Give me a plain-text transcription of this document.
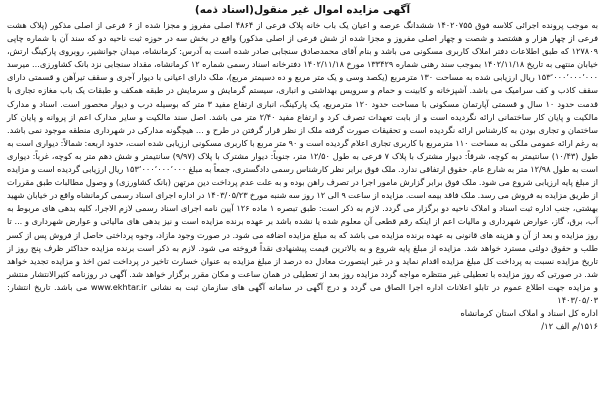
آگهی مزایده اموال غیر منقول(اسناد ذمه)

به موجب پرونده اجرائی کلاسه فوق ۱۴۰۲۰۷۵۵ ششدانگ عرصه و اعیان یک باب خانه پلاک فرعی از ۴۸۶۴ اصلی مفروز و مجزا شده از ۶ فرعی از اصلی مذکور (پلاک هشت فرعی از چهار هزار و هشتصد و شصت و چهار اصلی مفروز و مجزا شده از شش فرعی از اصلی مذکور) واقع در بخش سه در حوزه ثبت ناحیه دو که سند آن با شماره چاپی ۱۲۷۸۰۹ که طبق اطلاعات دفتر املاک کاربری مسکونی می باشد و بنام آقای محمدصادق سنجابی صادر شده است به آدرس: کرمانشاه، میدان جوانشیر، روبروی پارکینگ ارتش، خیابان منتهی به تاریخ ۱۴۰۲/۱۱/۱۸ بموجب سند رهنی شماره ۱۳۳۴۲۹ مورخ ۱۴۰۲/۱۱/۱۸ دفترخانه اسناد رسمی شماره ۱۲ کرمانشاه، مقداد سنجابی نزد بانک کشاورزی... میرسد ۱۵۳٬۰۰۰٬۰۰۰٬۰۰۰ ریال ارزیابی شده به مساحت ۱۳۰ مترمربع (یکصد وسی و یک متر مربع و ده دسیمتر مربع)، ملک دارای اعیانی با دیوار آجری و سقف تیرآهن و قسمتی دارای سقف کاذب و کف سرامیک می باشد. آشپزخانه و کابینت و حمام و سرویس بهداشتی و انباری، سیستم گرمایش و سرمایش در طبقه همکف و طبقات یک باب مغازه تجاری با قدمت حدود ۱۰ سال و قسمتی آپارتمان مسکونی با مساحت حدود ۱۲۰ مترمربع، یک پارکینگ، انباری ارتفاع مفید ۳ متر که بوسیله درب و دیوار محصور است. اسناد و مدارک مالکیت و پایان کار ساختمانی ارائه نگردیده است و از بابت تعهدات تصرف کرد و ارتفاع مفید ۲/۴۰ متر می باشد. اصل سند مالکیت و سایر مدارک اعم از پروانه و پایان کار ساختمان و تجاری بودن به کارشناس ارائه نگردیده است و تحقیقات صورت گرفته ملک از نظر قرار گرفتن در طرح و ... هیچگونه مدارکی در شهرداری منطقه موجود نمی باشد. به رغم ارائه عمومی ملکی به مساحت ۱۱۰ مترمربع با کاربری تجاری اعلام گردیده است و ۹۰ متر مربع با کاربری مسکونی ارزیابی شده است، حدود اربعه: شمالاً: دیواری است به طول (۱۰/۴۳) سانتیمتر به کوچه، شرقاً: دیوار مشترک با پلاک ۷ فرعی به طول ۱۲/۵۰ متر، جنوباً: دیوار مشترک با پلاک (۹/۹۷) سانتیمتر و شش دهم متر به کوچه، غرباً: دیواری است به طول ۱۲/۹۸ متر به شارع عام. حقوق ارتفاقی ندارد. ملک فوق برابر نظر کارشناس رسمی دادگستری، جمعاً به مبلغ ۱۵۳٬۰۰۰٬۰۰۰٬۰۰۰ ریال ارزیابی گردیده است و مزایده از مبلغ پایه ارزیابی شروع می شود. ملک فوق برابر گزارش مامور اجرا در تصرف راهن بوده و به علت عدم پرداخت دین مرتهن (بانک کشاورزی) و وصول مطالبات طبق مقررات از طریق مزایده به فروش می رسد. ملک فاقد بیمه است. مزایده از ساعت ۹ الی ۱۲ روز سه شنبه مورخ ۱۴۰۳/۰۵/۲۳ در اداره اجرای اسناد رسمی کرمانشاه واقع در خیابان شهید بهشتی، جنب اداره ثبت اسناد و املاک ناحیه دو برگزار می گردد. لازم به ذکر است: طبق تبصره ۱ ماده ۱۲۶ آیین نامه اجرای اسناد رسمی لازم الاجرا، کلیه بدهی های مربوط به آب، برق، گاز، عوارض شهرداری و مالیات اعم از اینکه رقم قطعی آن معلوم شده یا نشده باشد بر عهده برنده مزایده است و نیز بدهی های مالیاتی و عوارض شهرداری و ... تا روز مزایده و بعد از آن و هزینه های قانونی به عهده برنده مزایده می باشد که به مبلغ مزایده اضافه می شود. در صورت وجود مازاد، وجوه پرداختی حاصل از فروش پس از کسر طلب و حقوق دولتی مسترد خواهد شد. مزایده از مبلغ پایه شروع و به بالاترین قیمت پیشنهادی نقداً فروخته می شود. لازم به ذکر است برنده مزایده حداکثر ظرف پنج روز از تاریخ مزایده نسبت به پرداخت کل مبلغ مزایده اقدام نماید و در غیر اینصورت معادل ده درصد از مبلغ مزایده به عنوان خسارت تاخیر در پرداخت ثمن اخذ و مزایده تجدید خواهد شد. در صورتی که روز مزایده با تعطیلی غیر منتظره مواجه گردد مزایده روز بعد از تعطیلی در همان ساعت و مکان مقرر برگزار خواهد شد. آگهی در روزنامه کثیرالانتشار منتشر و مزایده جهت اطلاع عموم در تابلو اعلانات اداره اجرا الصاق می گردد و درج آگهی در سامانه آگهی های سازمان ثبت به نشانی www.ekhtar.ir می باشد. تاریخ انتشار: ۱۴۰۳/۰۵/۰۳

اداره کل اسناد و املاک استان کرمانشاه
۱۵۱۶/م الف ۱۲/
